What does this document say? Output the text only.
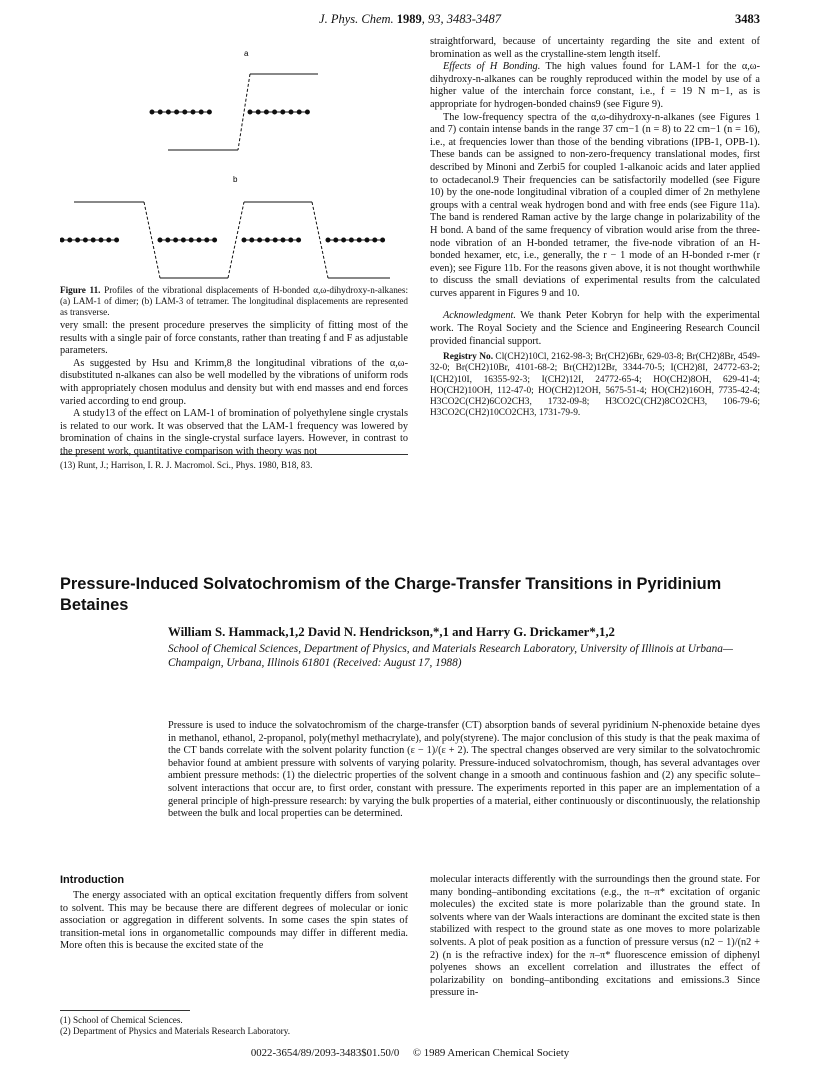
J. Phys. Chem. 1989, 93, 3483-3487	3483
a
b
Figure 11. Profiles of the vibrational displacements of H-bonded α,ω-dihydroxy-n-alkanes: (a) LAM-1 of dimer; (b) LAM-3 of tetramer. The longitudinal displacements are represented as transverse.

very small: the present procedure preserves the simplicity of fitting most of the results with a single pair of force constants, rather than treating f and F as adjustable parameters.

As suggested by Hsu and Krimm,8 the longitudinal vibrations of the α,ω-disubstituted n-alkanes can also be well modelled by the vibrations of uniform rods with appropriately chosen modulus and density but with end masses and end forces varied according to end group.

A study13 of the effect on LAM-1 of bromination of polyethylene single crystals is related to our work. It was observed that the LAM-1 frequency was lowered by bromination of chains in the single-crystal surface layers. However, in contrast to the present work, quantitative comparison with theory was not

(13) Runt, J.; Harrison, I. R. J. Macromol. Sci., Phys. 1980, B18, 83.

straightforward, because of uncertainty regarding the site and extent of bromination as well as the crystalline-stem length itself.

Effects of H Bonding. The high values found for LAM-1 for the α,ω-dihydroxy-n-alkanes can be roughly reproduced within the model by use of a higher value of the interchain force constant, i.e., f = 19 N m−1, as is appropriate for hydrogen-bonded chains9 (see Figure 9).

The low-frequency spectra of the α,ω-dihydroxy-n-alkanes (see Figures 1 and 7) contain intense bands in the range 37 cm−1 (n = 8) to 22 cm−1 (n = 16), i.e., at frequencies lower than those of the bending vibrations (IPB-1, OPB-1). These bands can be assigned to non-zero-frequency translational modes, first described by Minoni and Zerbi5 for coupled 1-alkanoic acids and later applied to octadecanol.9 Their frequencies can be satisfactorily modelled (see Figure 10) by the one-node longitudinal vibration of a coupled dimer of 2n methylene groups with a central weak hydrogen bond and with free ends (see Figure 11a). The band is rendered Raman active by the large change in polarizability of the H bond. A band of the same frequency of vibration would arise from the three-node vibration of an H-bonded tetramer, the five-node vibration of an H-bonded hexamer, etc, i.e., generally, the r − 1 mode of an H-bonded r-mer (r even); see Figure 11b. For the reasons given above, it is not thought worthwhile to discuss the small deviations of experimental results from the calculated curves apparent in Figures 9 and 10.

Acknowledgment. We thank Peter Kobryn for help with the experimental work. The Royal Society and the Science and Engineering Research Council provided financial support.

Registry No. Cl(CH2)10Cl, 2162-98-3; Br(CH2)6Br, 629-03-8; Br(CH2)8Br, 4549-32-0; Br(CH2)10Br, 4101-68-2; Br(CH2)12Br, 3344-70-5; I(CH2)8I, 24772-63-2; I(CH2)10I, 16355-92-3; I(CH2)12I, 24772-65-4; HO(CH2)8OH, 629-41-4; HO(CH2)10OH, 112-47-0; HO(CH2)12OH, 5675-51-4; HO(CH2)16OH, 7735-42-4; H3CO2C(CH2)6CO2CH3, 1732-09-8; H3CO2C(CH2)8CO2CH3, 106-79-6; H3CO2C(CH2)10CO2CH3, 1731-79-9.

Pressure-Induced Solvatochromism of the Charge-Transfer Transitions in Pyridinium Betaines
William S. Hammack,1,2 David N. Hendrickson,*,1 and Harry G. Drickamer*,1,2
School of Chemical Sciences, Department of Physics, and Materials Research Laboratory, University of Illinois at Urbana—Champaign, Urbana, Illinois 61801 (Received: August 17, 1988)
Pressure is used to induce the solvatochromism of the charge-transfer (CT) absorption bands of several pyridinium N-phenoxide betaine dyes in methanol, ethanol, 2-propanol, poly(methyl methacrylate), and poly(styrene). The major conclusion of this study is that the peak maxima of the CT bands correlate with the solvent polarity function (ε − 1)/(ε + 2). The spectral changes observed are very similar to the solvatochromic behavior found at ambient pressure with solvents of varying polarity. Pressure-induced solvatochromism, though, has several advantages over ambient pressure methods: (1) the dielectric properties of the solvent change in a smooth and continuous fashion and (2) any specific solute–solvent interactions that occur are, to first order, constant with pressure. The experiments reported in this paper are an implementation of a general principle of high-pressure research: by varying the bulk properties of a material, either continuously or discontinuously, the relationship between the bulk and local properties can be determined.
Introduction

The energy associated with an optical excitation frequently differs from solvent to solvent. This may be because there are different degrees of molecular or ionic association or aggregation in different solvents. In some cases the spin states of transition-metal ions in organometallic compounds may differ in different media. More often this is because the excited state of the

molecular interacts differently with the surroundings then the ground state. For many bonding–antibonding excitations (e.g., the π–π* excitation of organic molecules) the excited state is more polarizable than the ground state. In solvents where van der Waals interactions are dominant the excited state is then stabilized with respect to the ground state as one moves to more polarizable solvents. A plot of peak position as a function of pressure versus (n2 − 1)/(n2 + 2) (n is the refractive index) for the π–π* fluorescence emission of diphenyl polyenes shows an excellent correlation and illustrates the effect of polarizability on bonding–antibonding excitations and emissions.3 Since pressure in-

(1) School of Chemical Sciences.
(2) Department of Physics and Materials Research Laboratory.
0022-3654/89/2093-3483$01.50/0 © 1989 American Chemical Society
